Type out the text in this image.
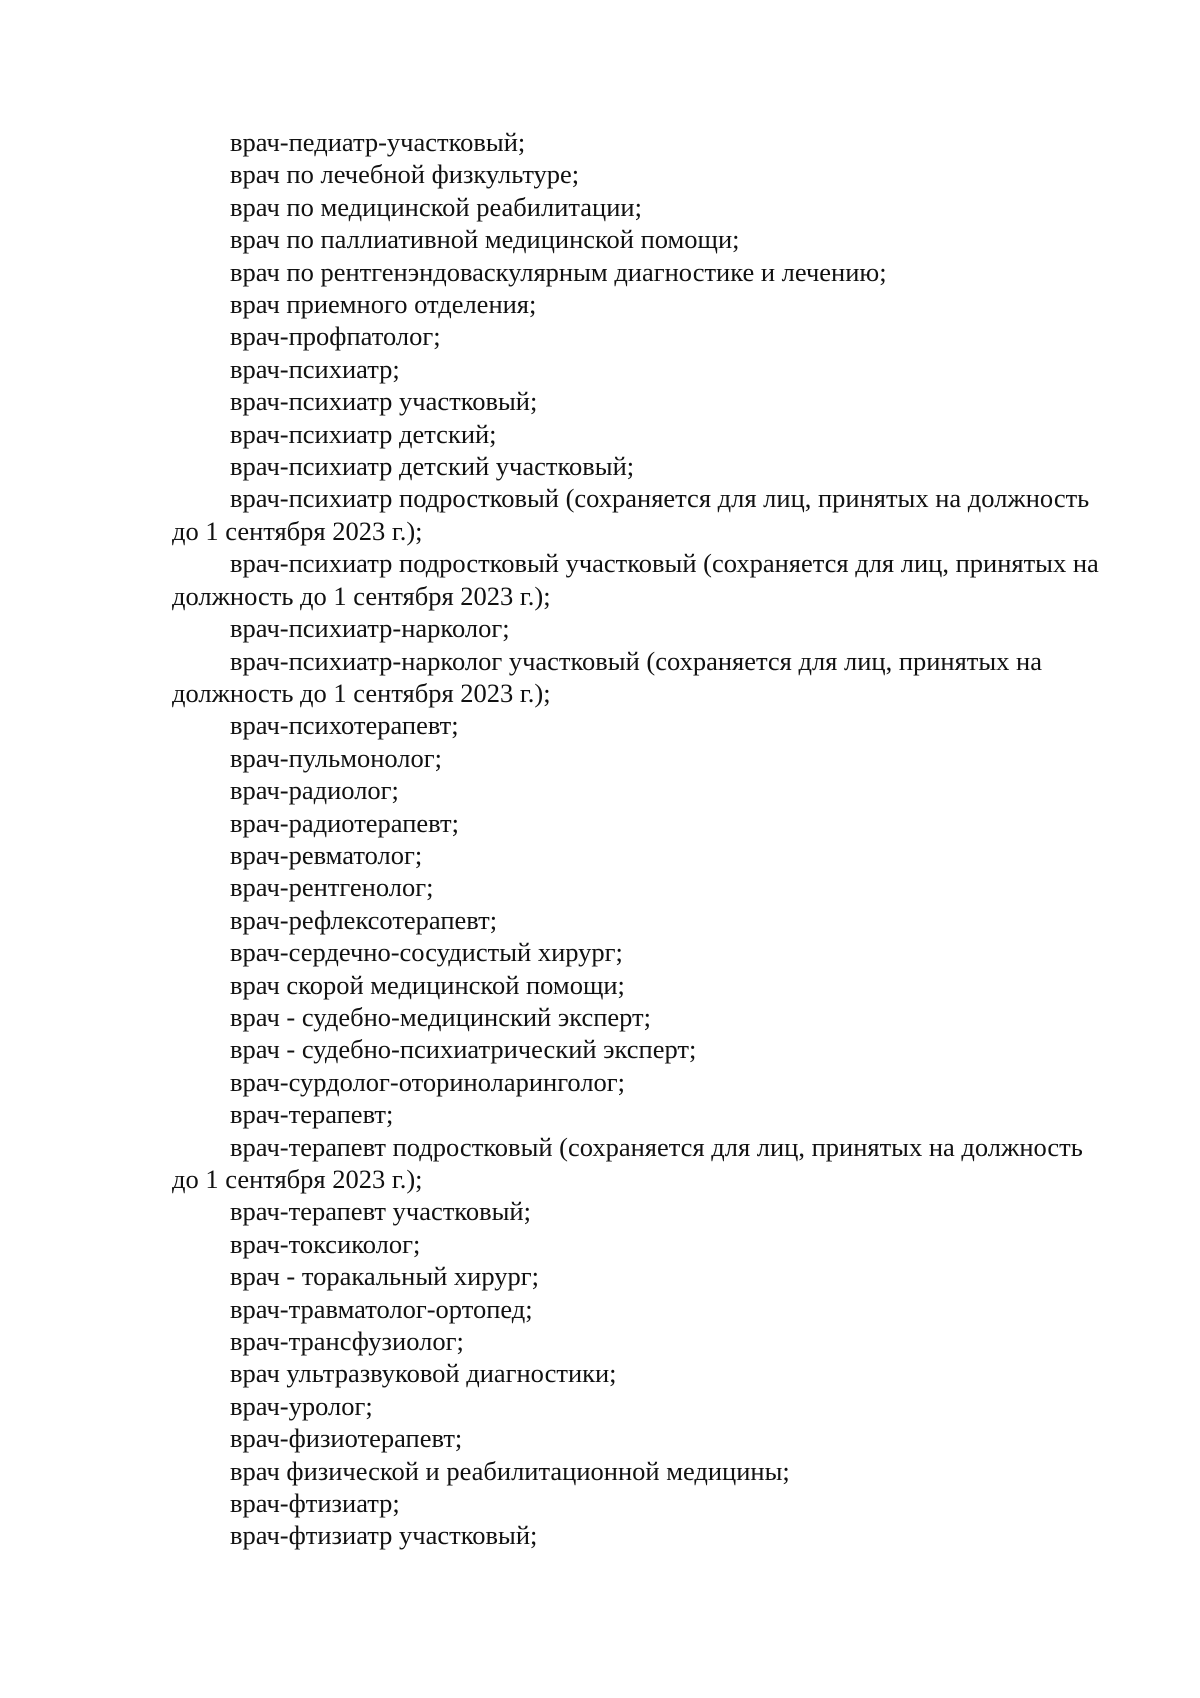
врач-педиатр-участковый;

врач по лечебной физкультуре;

врач по медицинской реабилитации;

врач по паллиативной медицинской помощи;

врач по рентгенэндоваскулярным диагностике и лечению;

врач приемного отделения;

врач-профпатолог;

врач-психиатр;

врач-психиатр участковый;

врач-психиатр детский;

врач-психиатр детский участковый;

врач-психиатр подростковый (сохраняется для лиц, принятых на должность до 1 сентября 2023 г.);

врач-психиатр подростковый участковый (сохраняется для лиц, принятых на должность до 1 сентября 2023 г.);

врач-психиатр-нарколог;

врач-психиатр-нарколог участковый (сохраняется для лиц, принятых на должность до 1 сентября 2023 г.);

врач-психотерапевт;

врач-пульмонолог;

врач-радиолог;

врач-радиотерапевт;

врач-ревматолог;

врач-рентгенолог;

врач-рефлексотерапевт;

врач-сердечно-сосудистый хирург;

врач скорой медицинской помощи;

врач - судебно-медицинский эксперт;

врач - судебно-психиатрический эксперт;

врач-сурдолог-оториноларинголог;

врач-терапевт;

врач-терапевт подростковый (сохраняется для лиц, принятых на должность до 1 сентября 2023 г.);

врач-терапевт участковый;

врач-токсиколог;

врач - торакальный хирург;

врач-травматолог-ортопед;

врач-трансфузиолог;

врач ультразвуковой диагностики;

врач-уролог;

врач-физиотерапевт;

врач физической и реабилитационной медицины;

врач-фтизиатр;

врач-фтизиатр участковый;
